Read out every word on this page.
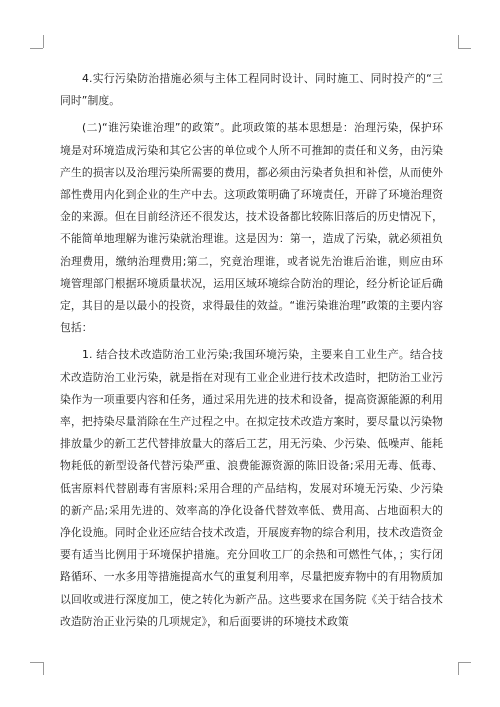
4.实行污染防治措施必须与主体工程同时设计、同时施工、同时投产的“三同时”制度。

(二)“谁污染谁治理”的政策”。此项政策的基本思想是：治理污染，保护环境是对环境造成污染和其它公害的单位或个人所不可推卸的责任和义务，由污染产生的损害以及治理污染所需要的费用，都必须由污染者负担和补偿，从而使外部性费用内化到企业的生产中去。这项政策明确了环境责任，开辟了环境治理资金的来源。但在目前经济还不很发达，技术设备都比较陈旧落后的历史情况下，不能简单地理解为谁污染就治理谁。这是因为：第一，造成了污染，就必须祖负治理费用，缴纳治理费用;第二，究竟治理谁，或者说先治谁后治谁，则应由环境管理部门根据环境质量状况，运用区域环境综合防治的理论，经分析论证后确定，其目的是以最小的投资，求得最佳的效益。“谁污染谁治理”政策的主要内容包括：

1. 结合技术改造防治工业污染;我国环境污染，主要来自工业生产。结合技术改造防治工业污染，就是指在对现有工业企业进行技术改造时，把防治工业污染作为一项重要内容和任务，通过采用先进的技术和设备，提高资源能源的利用率，把持染尽量消除在生产过程之中。在拟定技术改造方案时，要尽量以污染物排放量少的新工艺代替排放量大的落后工艺，用无污染、少污染、低噪声、能耗物耗低的新型设备代替污染严重、浪费能源资源的陈旧设备;采用无毒、低毒、低害原料代替剧毒有害原料;采用合理的产品结构，发展对环境无污染、少污染的新产品;采用先进的、效率高的净化设备代替效率低、费用高、占地面积大的净化设施。同时企业还应结合技术改造，开展废弃物的综合利用，技术改造资金要有适当比例用于环境保护措施。充分回收工厂的余热和可燃性气体，；实行闭路循环、一水多用等措施提高水气的重复利用率，尽量把废弃物中的有用物质加以回收或进行深度加工，使之转化为新产品。这些要求在国务院《关于结合技术改造防治正业污染的几项规定》，和后面要讲的环境技术政策
